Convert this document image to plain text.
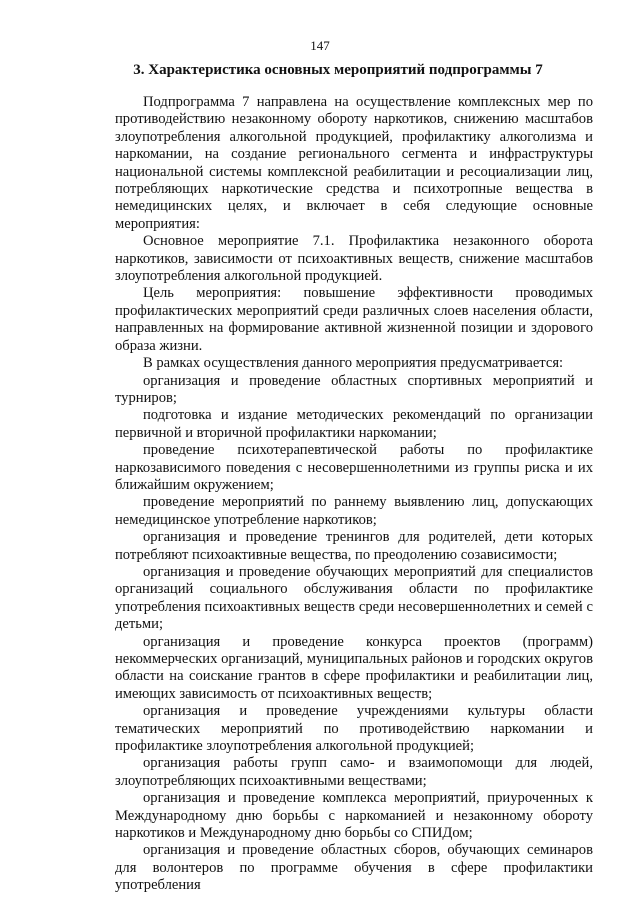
147
3. Характеристика основных мероприятий подпрограммы 7

Подпрограмма 7 направлена на осуществление комплексных мер по противодействию незаконному обороту наркотиков, снижению масштабов злоупотребления алкогольной продукцией, профилактику алкоголизма и наркомании, на создание регионального сегмента и инфраструктуры национальной системы комплексной реабилитации и ресоциализации лиц, потребляющих наркотические средства и психотропные вещества в немедицинских целях, и включает в себя следующие основные мероприятия:

Основное мероприятие 7.1. Профилактика незаконного оборота наркотиков, зависимости от психоактивных веществ, снижение масштабов злоупотребления алкогольной продукцией.

Цель мероприятия: повышение эффективности проводимых профилактических мероприятий среди различных слоев населения области, направленных на формирование активной жизненной позиции и здорового образа жизни.

В рамках осуществления данного мероприятия предусматривается:

организация и проведение областных спортивных мероприятий и турниров;

подготовка и издание методических рекомендаций по организации первичной и вторичной профилактики наркомании;

проведение психотерапевтической работы по профилактике наркозависимого поведения с несовершеннолетними из группы риска и их ближайшим окружением;

проведение мероприятий по раннему выявлению лиц, допускающих немедицинское употребление наркотиков;

организация и проведение тренингов для родителей, дети которых потребляют психоактивные вещества, по преодолению созависимости;

организация и проведение обучающих мероприятий для специалистов организаций социального обслуживания области по профилактике употребления психоактивных веществ среди несовершеннолетних и семей с детьми;

организация и проведение конкурса проектов (программ) некоммерческих организаций, муниципальных районов и городских округов области на соискание грантов в сфере профилактики и реабилитации лиц, имеющих зависимость от психоактивных веществ;

организация и проведение учреждениями культуры области тематических мероприятий по противодействию наркомании и профилактике злоупотребления алкогольной продукцией;

организация работы групп само- и взаимопомощи для людей, злоупотребляющих психоактивными веществами;

организация и проведение комплекса мероприятий, приуроченных к Международному дню борьбы с наркоманией и незаконному обороту наркотиков и Международному дню борьбы со СПИДом;

организация и проведение областных сборов, обучающих семинаров для волонтеров по программе обучения в сфере профилактики употребления
